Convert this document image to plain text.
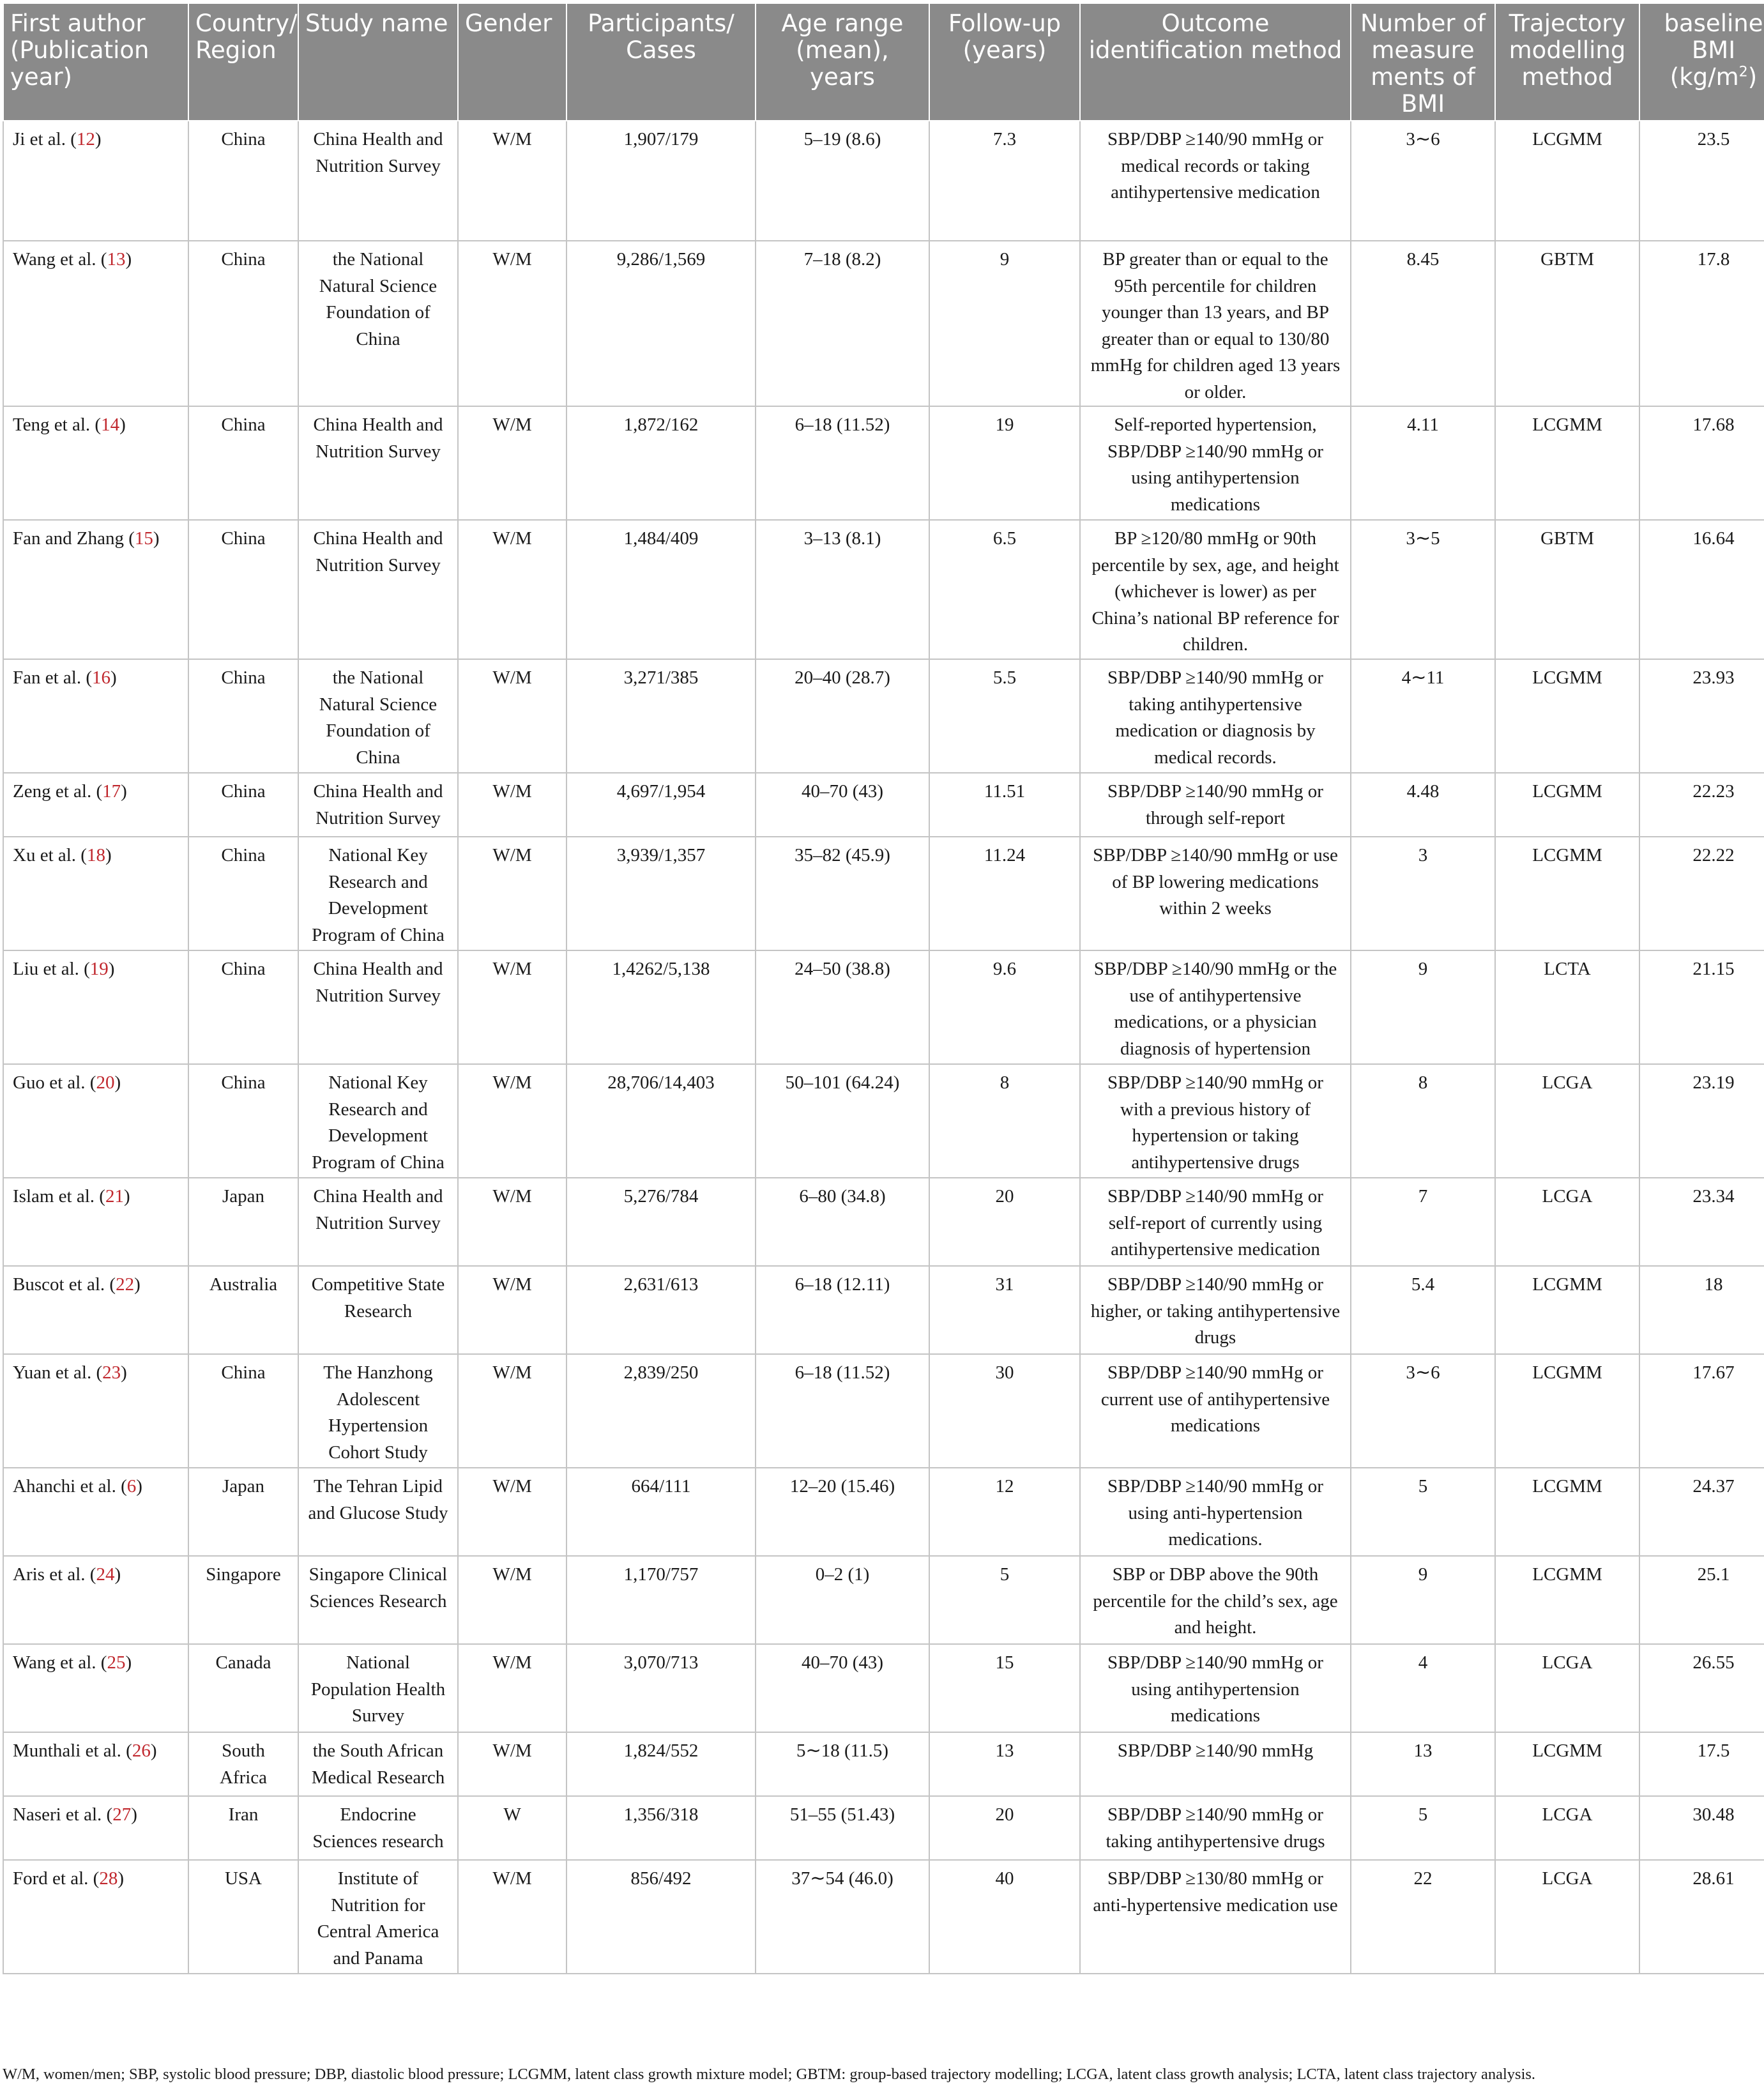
First author (Publication year)	Country/ Region	Study name	Gender	Participants/ Cases	Age range (mean), years	Follow-up (years)	Outcome identification method	Number of measure ments of BMI	Trajectory modelling method	baseline BMI $(kg/m^2)$
Ji et al. (12)	China	China Health and Nutrition Survey	W/M	1,907/179	5–19 (8.6)	7.3	SBP/DBP ≥140/90 mmHg or medical records or taking antihypertensive medication	3∼6	LCGMM	23.5
Wang et al. (13)	China	the National Natural Science Foundation of China	W/M	9,286/1,569	7–18 (8.2)	9	BP greater than or equal to the 95th percentile for children younger than 13 years, and BP greater than or equal to 130/80 mmHg for children aged 13 years or older.	8.45	GBTM	17.8
Teng et al. (14)	China	China Health and Nutrition Survey	W/M	1,872/162	6–18 (11.52)	19	Self-reported hypertension, SBP/DBP ≥140/90 mmHg or using antihypertension medications	4.11	LCGMM	17.68
Fan and Zhang (15)	China	China Health and Nutrition Survey	W/M	1,484/409	3–13 (8.1)	6.5	BP ≥120/80 mmHg or 90th percentile by sex, age, and height (whichever is lower) as per China’s national BP reference for children.	3∼5	GBTM	16.64
Fan et al. (16)	China	the National Natural Science Foundation of China	W/M	3,271/385	20–40 (28.7)	5.5	SBP/DBP ≥140/90 mmHg or taking antihypertensive medication or diagnosis by medical records.	4∼11	LCGMM	23.93
Zeng et al. (17)	China	China Health and Nutrition Survey	W/M	4,697/1,954	40–70 (43)	11.51	SBP/DBP ≥140/90 mmHg or through self-report	4.48	LCGMM	22.23
Xu et al. (18)	China	National Key Research and Development Program of China	W/M	3,939/1,357	35–82 (45.9)	11.24	SBP/DBP ≥140/90 mmHg or use of BP lowering medications within 2 weeks	3	LCGMM	22.22
Liu et al. (19)	China	China Health and Nutrition Survey	W/M	1,4262/5,138	24–50 (38.8)	9.6	SBP/DBP ≥140/90 mmHg or the use of antihypertensive medications, or a physician diagnosis of hypertension	9	LCTA	21.15
Guo et al. (20)	China	National Key Research and Development Program of China	W/M	28,706/14,403	50–101 (64.24)	8	SBP/DBP ≥140/90 mmHg or with a previous history of hypertension or taking antihypertensive drugs	8	LCGA	23.19
Islam et al. (21)	Japan	China Health and Nutrition Survey	W/M	5,276/784	6–80 (34.8)	20	SBP/DBP ≥140/90 mmHg or self-report of currently using antihypertensive medication	7	LCGA	23.34
Buscot et al. (22)	Australia	Competitive State Research	W/M	2,631/613	6–18 (12.11)	31	SBP/DBP ≥140/90 mmHg or higher, or taking antihypertensive drugs	5.4	LCGMM	18
Yuan et al. (23)	China	The Hanzhong Adolescent Hypertension Cohort Study	W/M	2,839/250	6–18 (11.52)	30	SBP/DBP ≥140/90 mmHg or current use of antihypertensive medications	3∼6	LCGMM	17.67
Ahanchi et al. (6)	Japan	The Tehran Lipid and Glucose Study	W/M	664/111	12–20 (15.46)	12	SBP/DBP ≥140/90 mmHg or using anti-hypertension medications.	5	LCGMM	24.37
Aris et al. (24)	Singapore	Singapore Clinical Sciences Research	W/M	1,170/757	0–2 (1)	5	SBP or DBP above the 90th percentile for the child’s sex, age and height.	9	LCGMM	25.1
Wang et al. (25)	Canada	National Population Health Survey	W/M	3,070/713	40–70 (43)	15	SBP/DBP ≥140/90 mmHg or using antihypertension medications	4	LCGA	26.55
Munthali et al. (26)	South Africa	the South African Medical Research	W/M	1,824/552	5∼18 (11.5)	13	SBP/DBP ≥140/90 mmHg	13	LCGMM	17.5
Naseri et al. (27)	Iran	Endocrine Sciences research	W	1,356/318	51–55 (51.43)	20	SBP/DBP ≥140/90 mmHg or taking antihypertensive drugs	5	LCGA	30.48
Ford et al. (28)	USA	Institute of Nutrition for Central America and Panama	W/M	856/492	37∼54 (46.0)	40	SBP/DBP ≥130/80 mmHg or anti-hypertensive medication use	22	LCGA	28.61
W/M, women/men; SBP, systolic blood pressure; DBP, diastolic blood pressure; LCGMM, latent class growth mixture model; GBTM: group-based trajectory modelling; LCGA, latent class growth analysis; LCTA, latent class trajectory analysis.
